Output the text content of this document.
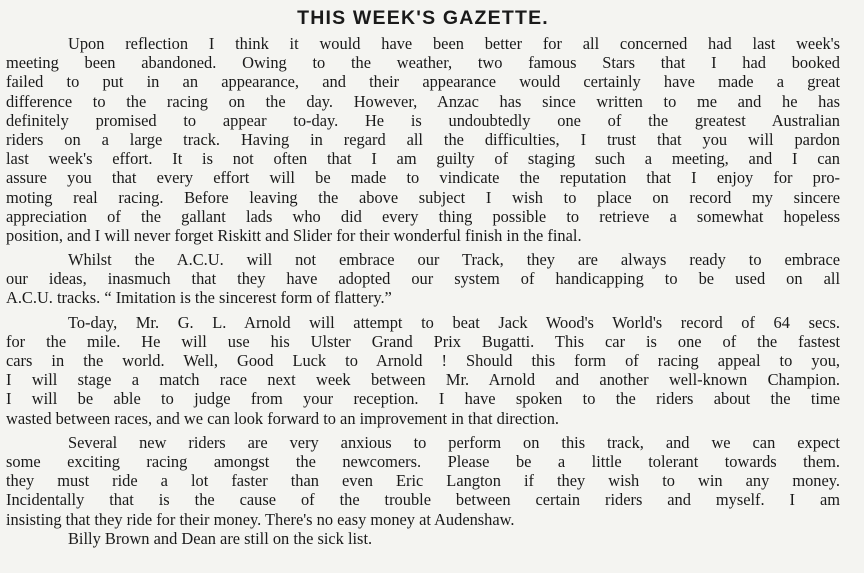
THIS WEEK'S GAZETTE.
Upon reflection I think it would have been better for all concerned had last week's
meeting been abandoned. Owing to the weather, two famous Stars that I had booked
failed to put in an appearance, and their appearance would certainly have made a great
difference to the racing on the day. However, Anzac has since written to me and he has
definitely promised to appear to-day. He is undoubtedly one of the greatest Australian
riders on a large track. Having in regard all the difficulties, I trust that you will pardon
last week's effort. It is not often that I am guilty of staging such a meeting, and I can
assure you that every effort will be made to vindicate the reputation that I enjoy for pro-
moting real racing. Before leaving the above subject I wish to place on record my sincere
appreciation of the gallant lads who did every thing possible to retrieve a somewhat hopeless
position, and I will never forget Riskitt and Slider for their wonderful finish in the final.
Whilst the A.C.U. will not embrace our Track, they are always ready to embrace
our ideas, inasmuch that they have adopted our system of handicapping to be used on all
A.C.U. tracks. “ Imitation is the sincerest form of flattery.”
To-day, Mr. G. L. Arnold will attempt to beat Jack Wood's World's record of 64 secs.
for the mile. He will use his Ulster Grand Prix Bugatti. This car is one of the fastest
cars in the world. Well, Good Luck to Arnold ! Should this form of racing appeal to you,
I will stage a match race next week between Mr. Arnold and another well-known Champion.
I will be able to judge from your reception. I have spoken to the riders about the time
wasted between races, and we can look forward to an improvement in that direction.
Several new riders are very anxious to perform on this track, and we can expect
some exciting racing amongst the newcomers. Please be a little tolerant towards them.
they must ride a lot faster than even Eric Langton if they wish to win any money.
Incidentally that is the cause of the trouble between certain riders and myself. I am
insisting that they ride for their money. There's no easy money at Audenshaw.
Billy Brown and Dean are still on the sick list.
